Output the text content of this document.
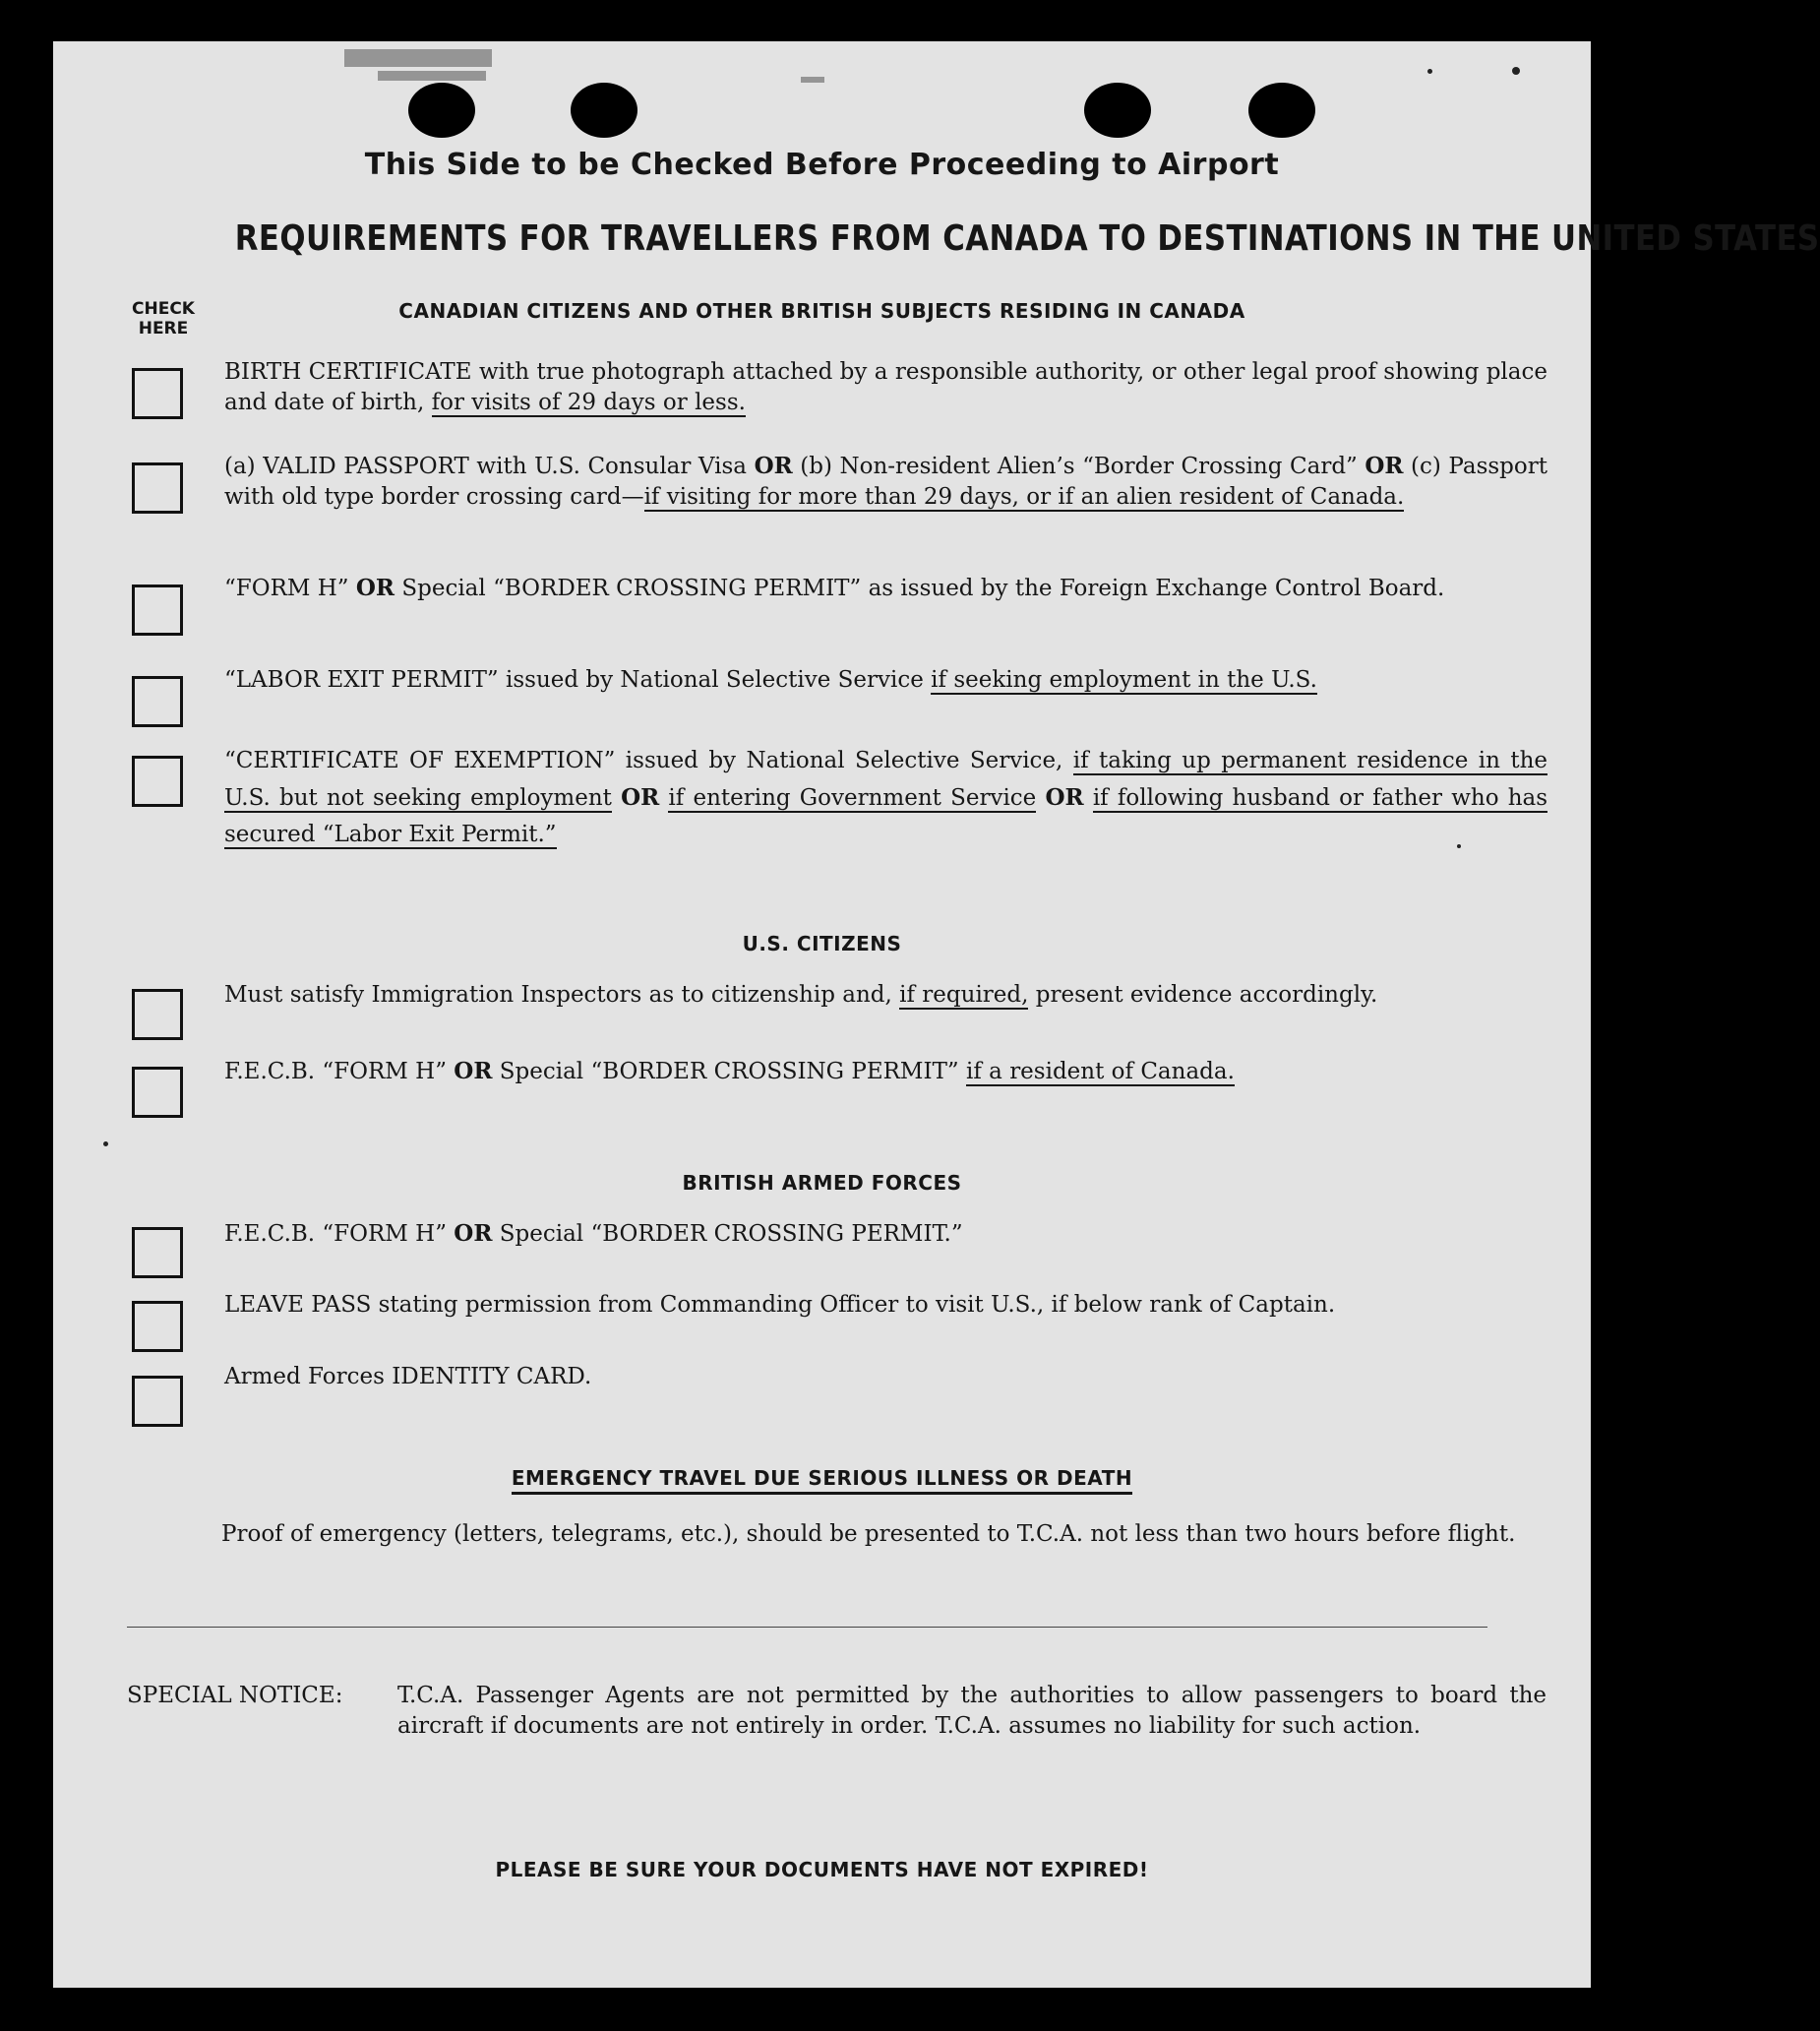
This Side to be Checked Before Proceeding to Airport
REQUIREMENTS FOR TRAVELLERS FROM CANADA TO DESTINATIONS IN THE UNITED STATES
CHECK
HERE
CANADIAN CITIZENS AND OTHER BRITISH SUBJECTS RESIDING IN CANADA
BIRTH CERTIFICATE with true photograph attached by a responsible authority, or other legal proof showing place and date of birth, for visits of 29 days or less.
(a) VALID PASSPORT with U.S. Consular Visa OR (b) Non-resident Alien’s “Border Crossing Card” OR (c) Passport with old type border crossing card—if visiting for more than 29 days, or if an alien resident of Canada.
“FORM H” OR Special “BORDER CROSSING PERMIT” as issued by the Foreign Exchange Control Board.
“LABOR EXIT PERMIT” issued by National Selective Service if seeking employment in the U.S.
“CERTIFICATE OF EXEMPTION” issued by National Selective Service, if taking up permanent residence in the U.S. but not seeking employment OR if entering Government Service OR if following husband or father who has secured “Labor Exit Permit.”
U.S. CITIZENS
Must satisfy Immigration Inspectors as to citizenship and, if required, present evidence accordingly.
F.E.C.B. “FORM H” OR Special “BORDER CROSSING PERMIT” if a resident of Canada.
BRITISH ARMED FORCES
F.E.C.B. “FORM H” OR Special “BORDER CROSSING PERMIT.”
LEAVE PASS stating permission from Commanding Officer to visit U.S., if below rank of Captain.
Armed Forces IDENTITY CARD.
EMERGENCY TRAVEL DUE SERIOUS ILLNESS OR DEATH
Proof of emergency (letters, telegrams, etc.), should be presented to T.C.A. not less than two hours before flight.
SPECIAL NOTICE: T.C.A. Passenger Agents are not permitted by the authorities to allow passengers to board the aircraft if documents are not entirely in order. T.C.A. assumes no liability for such action.
PLEASE BE SURE YOUR DOCUMENTS HAVE NOT EXPIRED!
